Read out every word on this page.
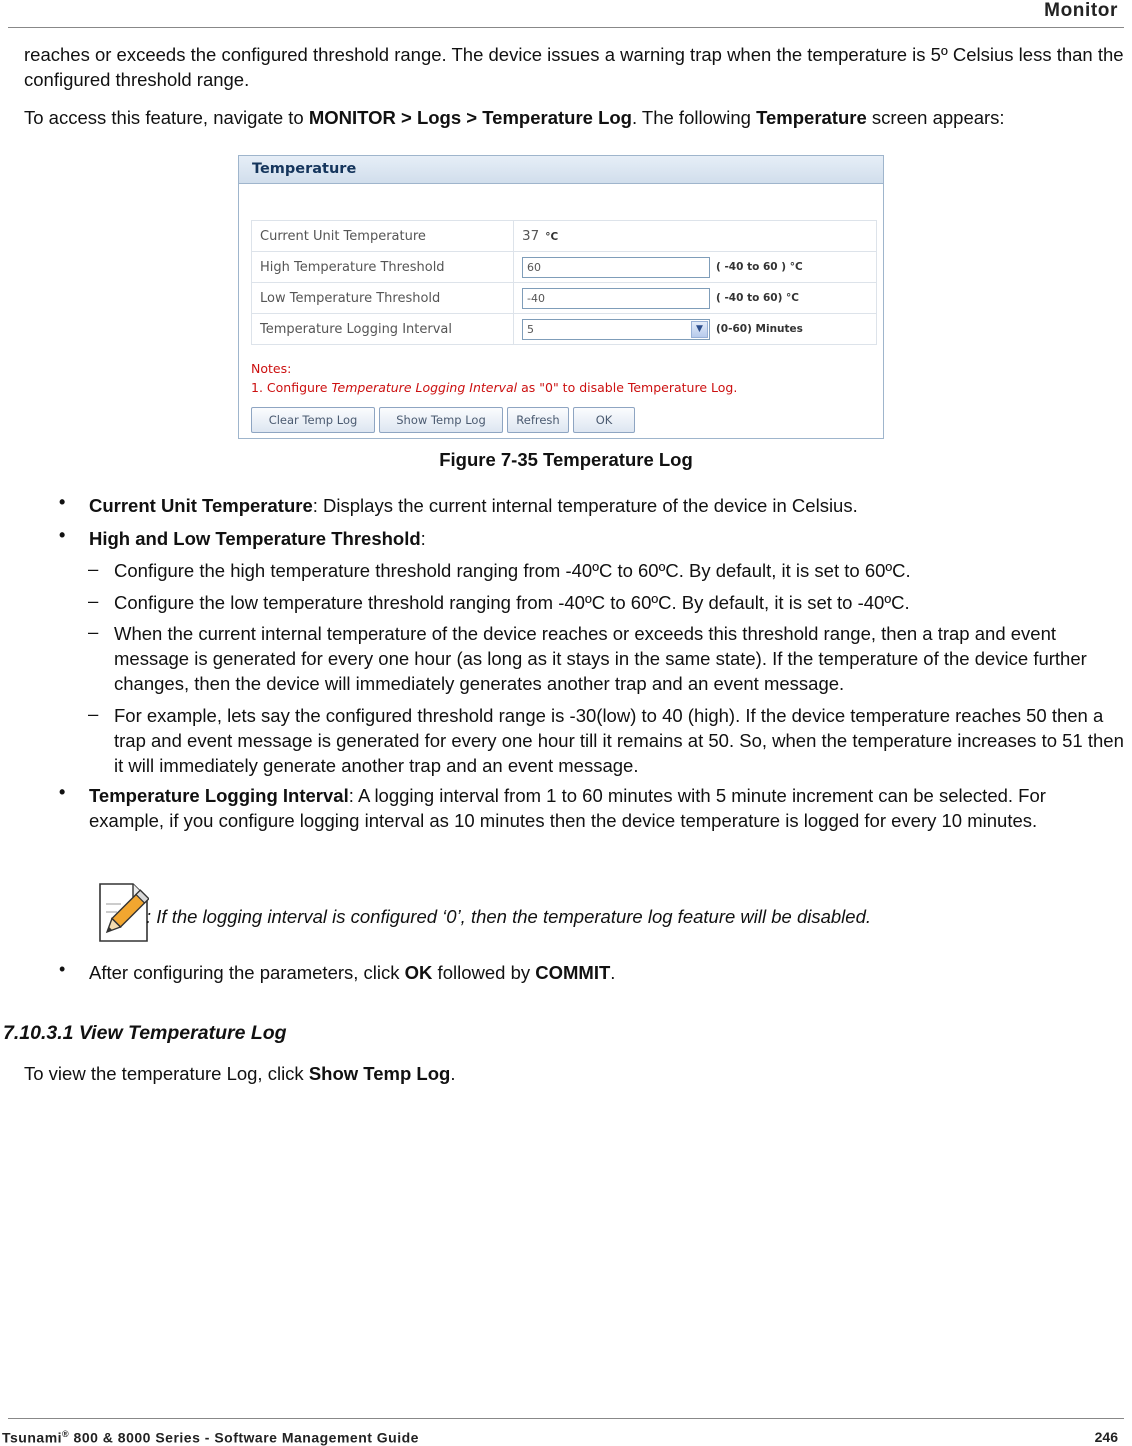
Monitor

reaches or exceeds the configured threshold range. The device issues a warning trap when the temperature is 5º Celsius less than the configured threshold range.

To access this feature, navigate to MONITOR > Logs > Temperature Log. The following Temperature screen appears:

Temperature
Current Unit Temperature	37 °C
High Temperature Threshold	60 ( -40 to 60 ) °C
Low Temperature Threshold	-40 ( -40 to 60) °C
Temperature Logging Interval	5 ▼ (0-60) Minutes
Notes:
1. Configure Temperature Logging Interval as "0" to disable Temperature Log.
Clear Temp Log	Show Temp Log	Refresh	OK
Figure 7-35 Temperature Log
• Current Unit Temperature: Displays the current internal temperature of the device in Celsius.

• High and Low Temperature Threshold:

– Configure the high temperature threshold ranging from -40ºC to 60ºC. By default, it is set to 60ºC.

– Configure the low temperature threshold ranging from -40ºC to 60ºC. By default, it is set to -40ºC.

– When the current internal temperature of the device reaches or exceeds this threshold range, then a trap and event message is generated for every one hour (as long as it stays in the same state). If the temperature of the device further changes, then the device will immediately generates another trap and an event message.

– For example, lets say the configured threshold range is -30(low) to 40 (high). If the device temperature reaches 50 then a trap and event message is generated for every one hour till it remains at 50. So, when the temperature increases to 51 then it will immediately generate another trap and an event message.

• Temperature Logging Interval: A logging interval from 1 to 60 minutes with 5 minute increment can be selected. For example, if you configure logging interval as 10 minutes then the device temperature is logged for every 10 minutes.

: If the logging interval is configured ‘0’, then the temperature log feature will be disabled.

• After configuring the parameters, click OK followed by COMMIT.

7.10.3.1 View Temperature Log

To view the temperature Log, click Show Temp Log.

Tsunami® 800 & 8000 Series - Software Management Guide	246
